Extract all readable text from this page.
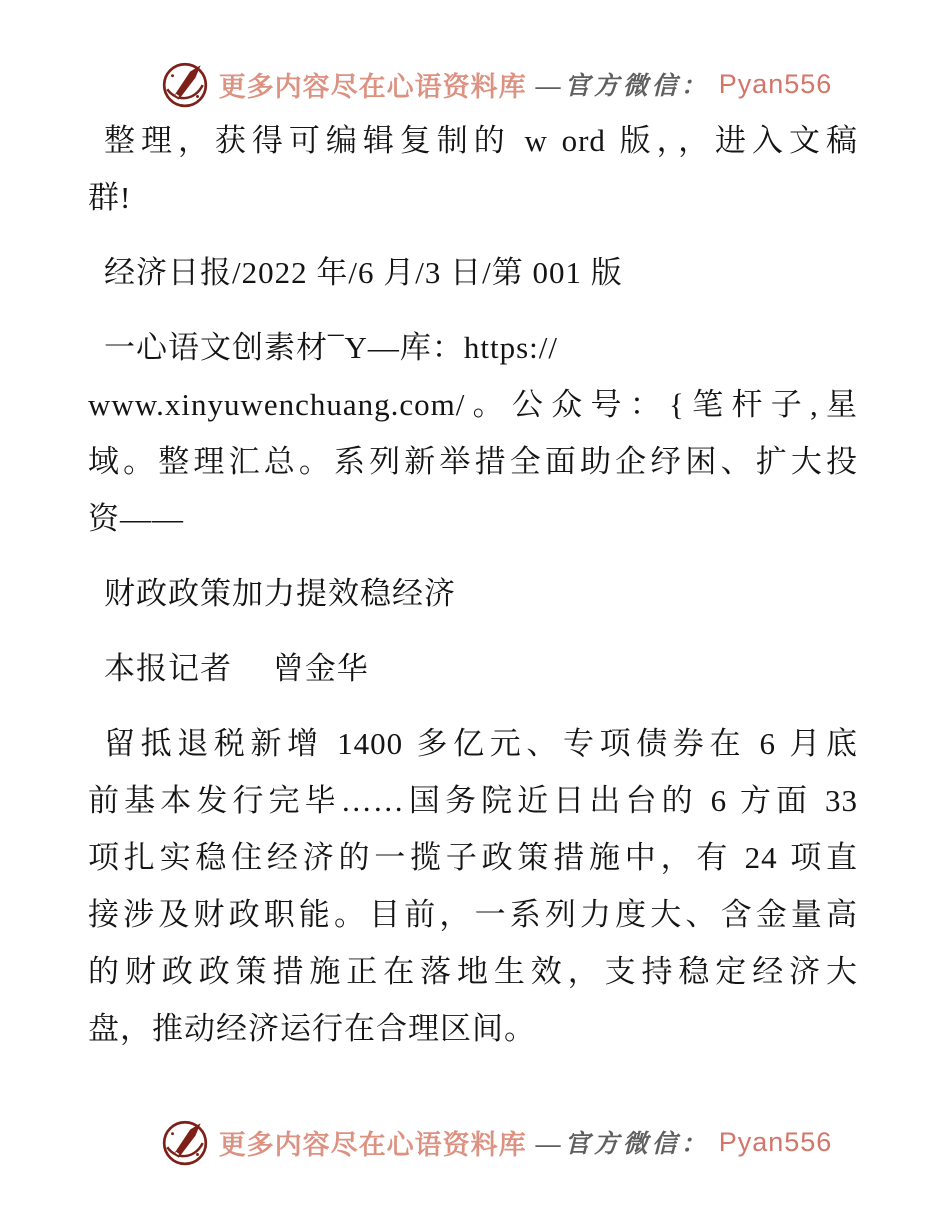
更多内容尽在心语资料库 —官方微信： Pyan556
整理，获得可编辑复制的 w ord 版，，进入文稿
群!
经济日报/2022 年/6 月/3 日/第 001 版
一心语文创素材¯Y—库：https://
www.xinyuwenchuang.com/。公众号：{笔杆子,星
域。整理汇总。系列新举措全面助企纾困、扩大投
资——
财政政策加力提效稳经济
本报记者　 曾金华
留抵退税新增 1400 多亿元、专项债券在 6 月底
前基本发行完毕……国务院近日出台的 6 方面 33
项扎实稳住经济的一揽子政策措施中，有 24 项直
接涉及财政职能。目前，一系列力度大、含金量高
的财政政策措施正在落地生效，支持稳定经济大
盘，推动经济运行在合理区间。
更多内容尽在心语资料库 —官方微信： Pyan556
